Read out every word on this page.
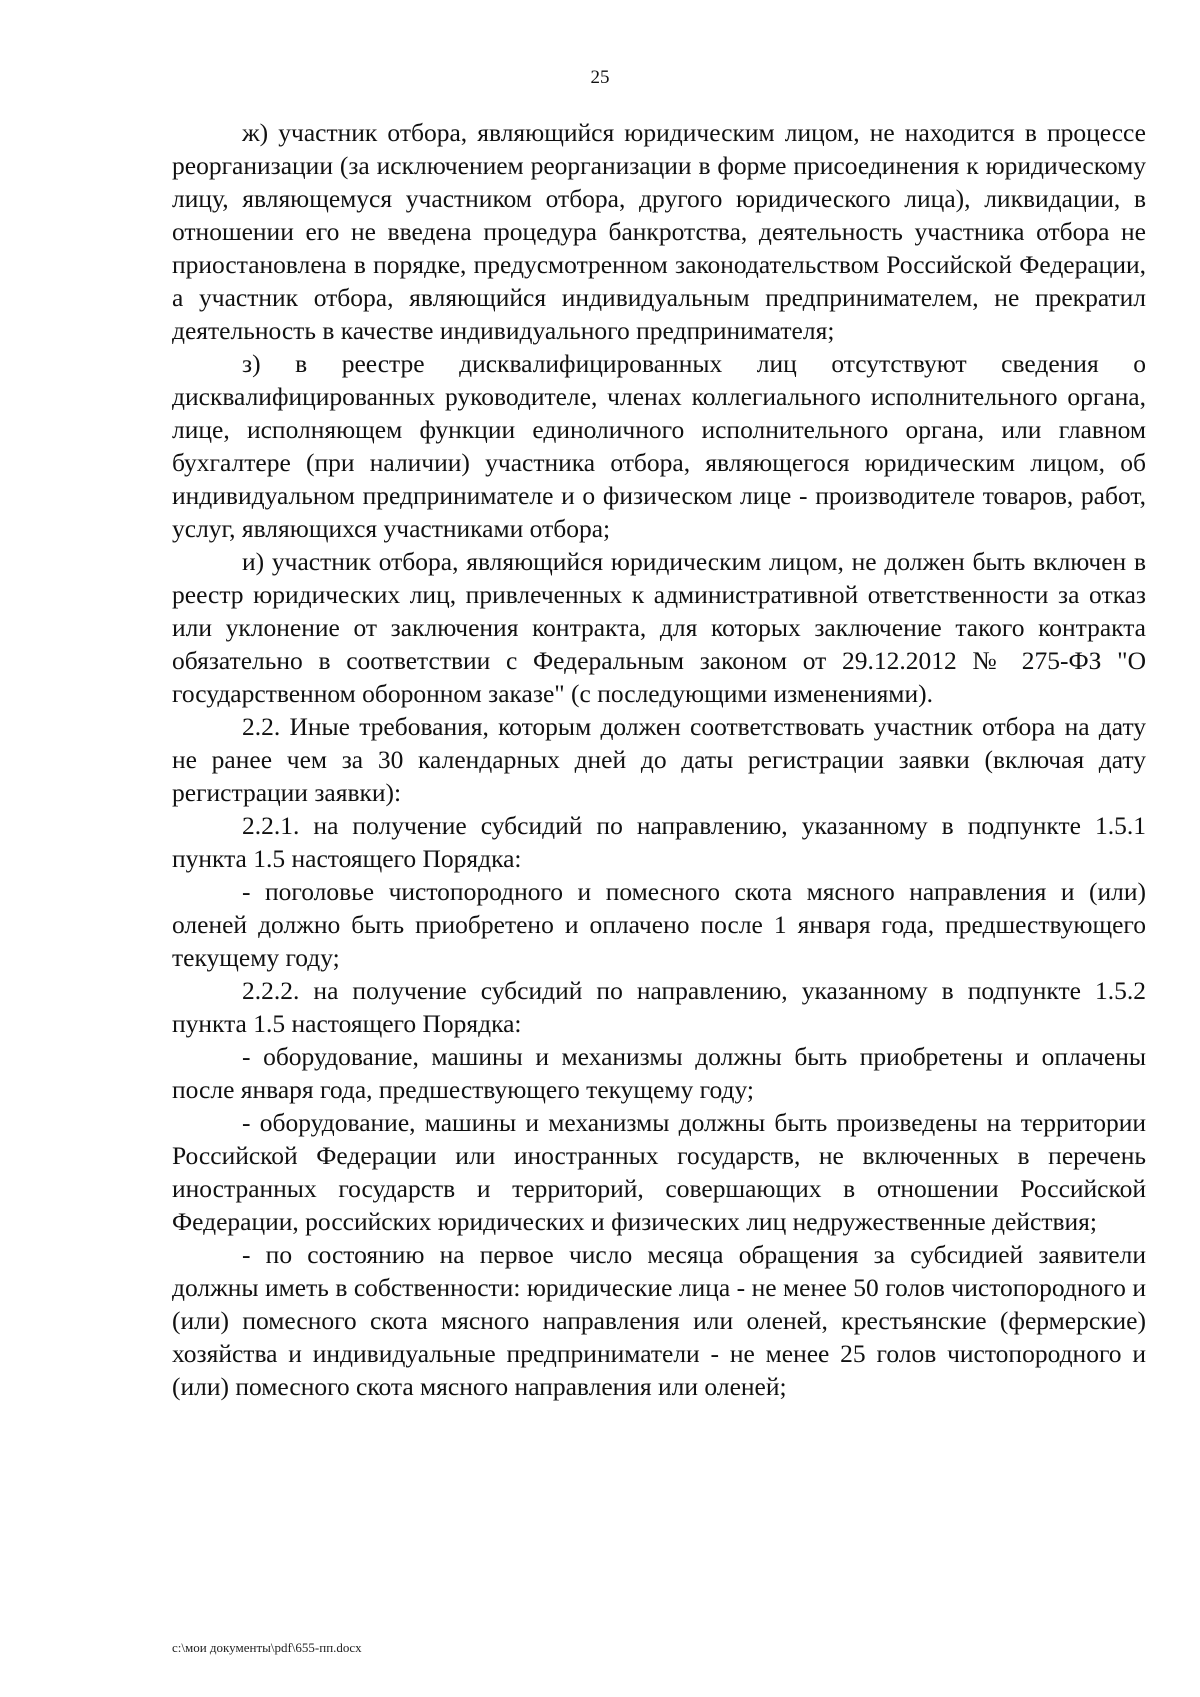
25

ж) участник отбора, являющийся юридическим лицом, не находится в процессе реорганизации (за исключением реорганизации в форме присоединения к юридическому лицу, являющемуся участником отбора, другого юридического лица), ликвидации, в отношении его не введена процедура банкротства, деятельность участника отбора не приостановлена в порядке, предусмотренном законодательством Российской Федерации, а участник отбора, являющийся индивидуальным предпринимателем, не прекратил деятельность в качестве индивидуального предпринимателя;

з) в реестре дисквалифицированных лиц отсутствуют сведения о дисквалифицированных руководителе, членах коллегиального исполнительного органа, лице, исполняющем функции единоличного исполнительного органа, или главном бухгалтере (при наличии) участника отбора, являющегося юридическим лицом, об индивидуальном предпринимателе и о физическом лице - производителе товаров, работ, услуг, являющихся участниками отбора;

и) участник отбора, являющийся юридическим лицом, не должен быть включен в реестр юридических лиц, привлеченных к административной ответственности за отказ или уклонение от заключения контракта, для которых заключение такого контракта обязательно в соответствии с Федеральным законом от 29.12.2012 № 275-ФЗ "О государственном оборонном заказе" (с последующими изменениями).

2.2. Иные требования, которым должен соответствовать участник отбора на дату не ранее чем за 30 календарных дней до даты регистрации заявки (включая дату регистрации заявки):

2.2.1. на получение субсидий по направлению, указанному в подпункте 1.5.1 пункта 1.5 настоящего Порядка:

- поголовье чистопородного и помесного скота мясного направления и (или) оленей должно быть приобретено и оплачено после 1 января года, предшествующего текущему году;

2.2.2. на получение субсидий по направлению, указанному в подпункте 1.5.2 пункта 1.5 настоящего Порядка:

- оборудование, машины и механизмы должны быть приобретены и оплачены после января года, предшествующего текущему году;

- оборудование, машины и механизмы должны быть произведены на территории Российской Федерации или иностранных государств, не включенных в перечень иностранных государств и территорий, совершающих в отношении Российской Федерации, российских юридических и физических лиц недружественные действия;

- по состоянию на первое число месяца обращения за субсидией заявители должны иметь в собственности: юридические лица - не менее 50 голов чистопородного и (или) помесного скота мясного направления или оленей, крестьянские (фермерские) хозяйства и индивидуальные предприниматели - не менее 25 голов чистопородного и (или) помесного скота мясного направления или оленей;

c:\мои документы\pdf\655-пп.docx
